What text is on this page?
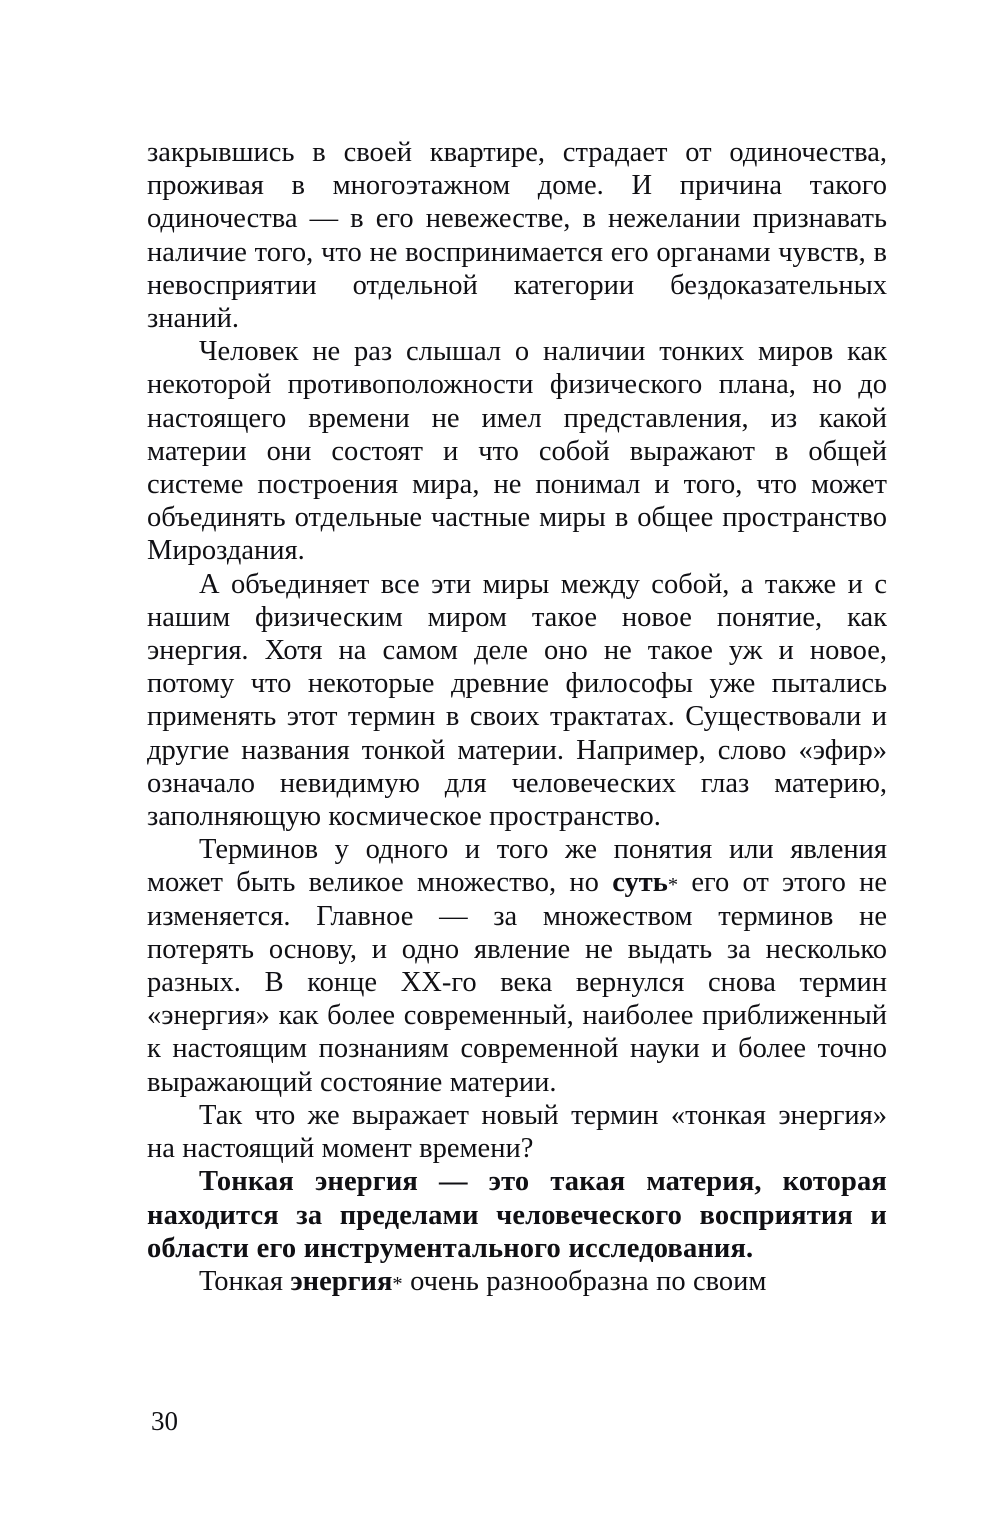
закрывшись в своей квартире, страдает от одиночества, проживая в многоэтажном доме. И причина такого одиночества — в его невежестве, в нежелании признавать наличие того, что не воспринимается его органами чувств, в невосприятии отдельной категории бездоказательных знаний.

Человек не раз слышал о наличии тонких миров как некоторой противоположности физического плана, но до настоящего времени не имел представления, из какой материи они состоят и что собой выражают в общей системе построения мира, не понимал и того, что может объединять отдельные частные миры в общее пространство Мироздания.

А объединяет все эти миры между собой, а также и с нашим физическим миром такое новое понятие, как энергия. Хотя на самом деле оно не такое уж и новое, потому что некоторые древние философы уже пытались применять этот термин в своих трактатах. Существовали и другие названия тонкой материи. Например, слово «эфир» означало невидимую для человеческих глаз материю, заполняющую космическое пространство.

Терминов у одного и того же понятия или явления может быть великое множество, но суть* его от этого не изменяется. Главное — за множеством терминов не потерять основу, и одно явление не выдать за несколько разных. В конце XX-го века вернулся снова термин «энергия» как более современный, наиболее приближенный к настоящим познаниям современной науки и более точно выражающий состояние материи.

Так что же выражает новый термин «тонкая энергия» на настоящий момент времени?

Тонкая энергия — это такая материя, которая находится за пределами человеческого восприятия и области его инструментального исследования.

Тонкая энергия* очень разнообразна по своим

30
